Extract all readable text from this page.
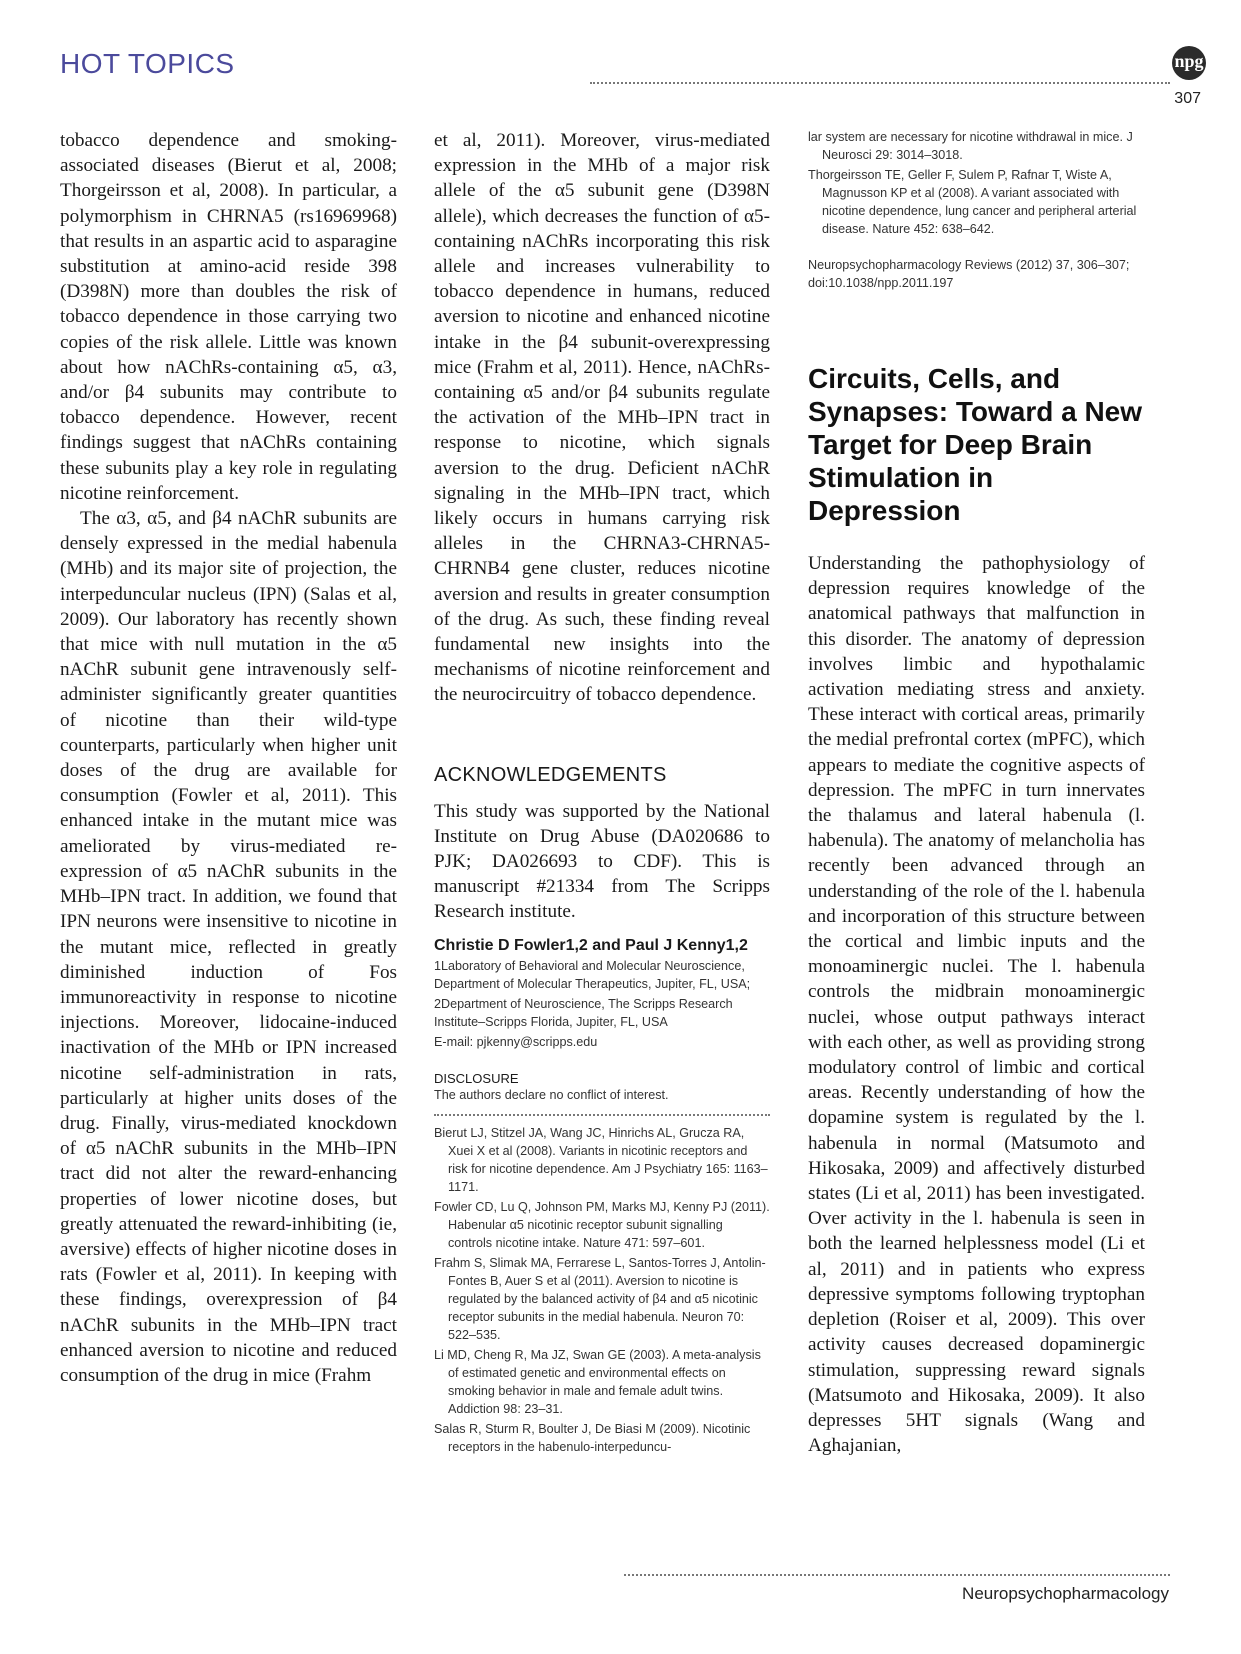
HOT TOPICS	npg
307

tobacco dependence and smoking-associated diseases (Bierut et al, 2008; Thorgeirsson et al, 2008). In particular, a polymorphism in CHRNA5 (rs16969968) that results in an aspartic acid to asparagine substitution at amino-acid reside 398 (D398N) more than doubles the risk of tobacco dependence in those carrying two copies of the risk allele. Little was known about how nAChRs-containing α5, α3, and/or β4 subunits may contribute to tobacco dependence. However, recent findings suggest that nAChRs containing these subunits play a key role in regulating nicotine reinforcement.

The α3, α5, and β4 nAChR subunits are densely expressed in the medial habenula (MHb) and its major site of projection, the interpeduncular nucleus (IPN) (Salas et al, 2009). Our laboratory has recently shown that mice with null mutation in the α5 nAChR subunit gene intravenously self-administer significantly greater quantities of nicotine than their wild-type counterparts, particularly when higher unit doses of the drug are available for consumption (Fowler et al, 2011). This enhanced intake in the mutant mice was ameliorated by virus-mediated re-expression of α5 nAChR subunits in the MHb–IPN tract. In addition, we found that IPN neurons were insensitive to nicotine in the mutant mice, reflected in greatly diminished induction of Fos immunoreactivity in response to nicotine injections. Moreover, lidocaine-induced inactivation of the MHb or IPN increased nicotine self-administration in rats, particularly at higher units doses of the drug. Finally, virus-mediated knockdown of α5 nAChR subunits in the MHb–IPN tract did not alter the reward-enhancing properties of lower nicotine doses, but greatly attenuated the reward-inhibiting (ie, aversive) effects of higher nicotine doses in rats (Fowler et al, 2011). In keeping with these findings, overexpression of β4 nAChR subunits in the MHb–IPN tract enhanced aversion to nicotine and reduced consumption of the drug in mice (Frahm

et al, 2011). Moreover, virus-mediated expression in the MHb of a major risk allele of the α5 subunit gene (D398N allele), which decreases the function of α5-containing nAChRs incorporating this risk allele and increases vulnerability to tobacco dependence in humans, reduced aversion to nicotine and enhanced nicotine intake in the β4 subunit-overexpressing mice (Frahm et al, 2011). Hence, nAChRs-containing α5 and/or β4 subunits regulate the activation of the MHb–IPN tract in response to nicotine, which signals aversion to the drug. Deficient nAChR signaling in the MHb–IPN tract, which likely occurs in humans carrying risk alleles in the CHRNA3-CHRNA5-CHRNB4 gene cluster, reduces nicotine aversion and results in greater consumption of the drug. As such, these finding reveal fundamental new insights into the mechanisms of nicotine reinforcement and the neurocircuitry of tobacco dependence.

ACKNOWLEDGEMENTS

This study was supported by the National Institute on Drug Abuse (DA020686 to PJK; DA026693 to CDF). This is manuscript #21334 from The Scripps Research institute.

Christie D Fowler1,2 and Paul J Kenny1,2
1Laboratory of Behavioral and Molecular Neuroscience, Department of Molecular Therapeutics, Jupiter, FL, USA;
2Department of Neuroscience, The Scripps Research Institute–Scripps Florida, Jupiter, FL, USA
E-mail: pjkenny@scripps.edu
DISCLOSURE
The authors declare no conflict of interest.
Bierut LJ, Stitzel JA, Wang JC, Hinrichs AL, Grucza RA, Xuei X et al (2008). Variants in nicotinic receptors and risk for nicotine dependence. Am J Psychiatry 165: 1163–1171.
Fowler CD, Lu Q, Johnson PM, Marks MJ, Kenny PJ (2011). Habenular α5 nicotinic receptor subunit signalling controls nicotine intake. Nature 471: 597–601.
Frahm S, Slimak MA, Ferrarese L, Santos-Torres J, Antolin-Fontes B, Auer S et al (2011). Aversion to nicotine is regulated by the balanced activity of β4 and α5 nicotinic receptor subunits in the medial habenula. Neuron 70: 522–535.
Li MD, Cheng R, Ma JZ, Swan GE (2003). A meta-analysis of estimated genetic and environmental effects on smoking behavior in male and female adult twins. Addiction 98: 23–31.
Salas R, Sturm R, Boulter J, De Biasi M (2009). Nicotinic receptors in the habenulo-interpeduncu-
lar system are necessary for nicotine withdrawal in mice. J Neurosci 29: 3014–3018.
Thorgeirsson TE, Geller F, Sulem P, Rafnar T, Wiste A, Magnusson KP et al (2008). A variant associated with nicotine dependence, lung cancer and peripheral arterial disease. Nature 452: 638–642.
Neuropsychopharmacology Reviews (2012) 37, 306–307; doi:10.1038/npp.2011.197
Circuits, Cells, and Synapses: Toward a New Target for Deep Brain Stimulation in Depression

Understanding the pathophysiology of depression requires knowledge of the anatomical pathways that malfunction in this disorder. The anatomy of depression involves limbic and hypothalamic activation mediating stress and anxiety. These interact with cortical areas, primarily the medial prefrontal cortex (mPFC), which appears to mediate the cognitive aspects of depression. The mPFC in turn innervates the thalamus and lateral habenula (l. habenula). The anatomy of melancholia has recently been advanced through an understanding of the role of the l. habenula and incorporation of this structure between the cortical and limbic inputs and the monoaminergic nuclei. The l. habenula controls the midbrain monoaminergic nuclei, whose output pathways interact with each other, as well as providing strong modulatory control of limbic and cortical areas. Recently understanding of how the dopamine system is regulated by the l. habenula in normal (Matsumoto and Hikosaka, 2009) and affectively disturbed states (Li et al, 2011) has been investigated. Over activity in the l. habenula is seen in both the learned helplessness model (Li et al, 2011) and in patients who express depressive symptoms following tryptophan depletion (Roiser et al, 2009). This over activity causes decreased dopaminergic stimulation, suppressing reward signals (Matsumoto and Hikosaka, 2009). It also depresses 5HT signals (Wang and Aghajanian,

Neuropsychopharmacology
